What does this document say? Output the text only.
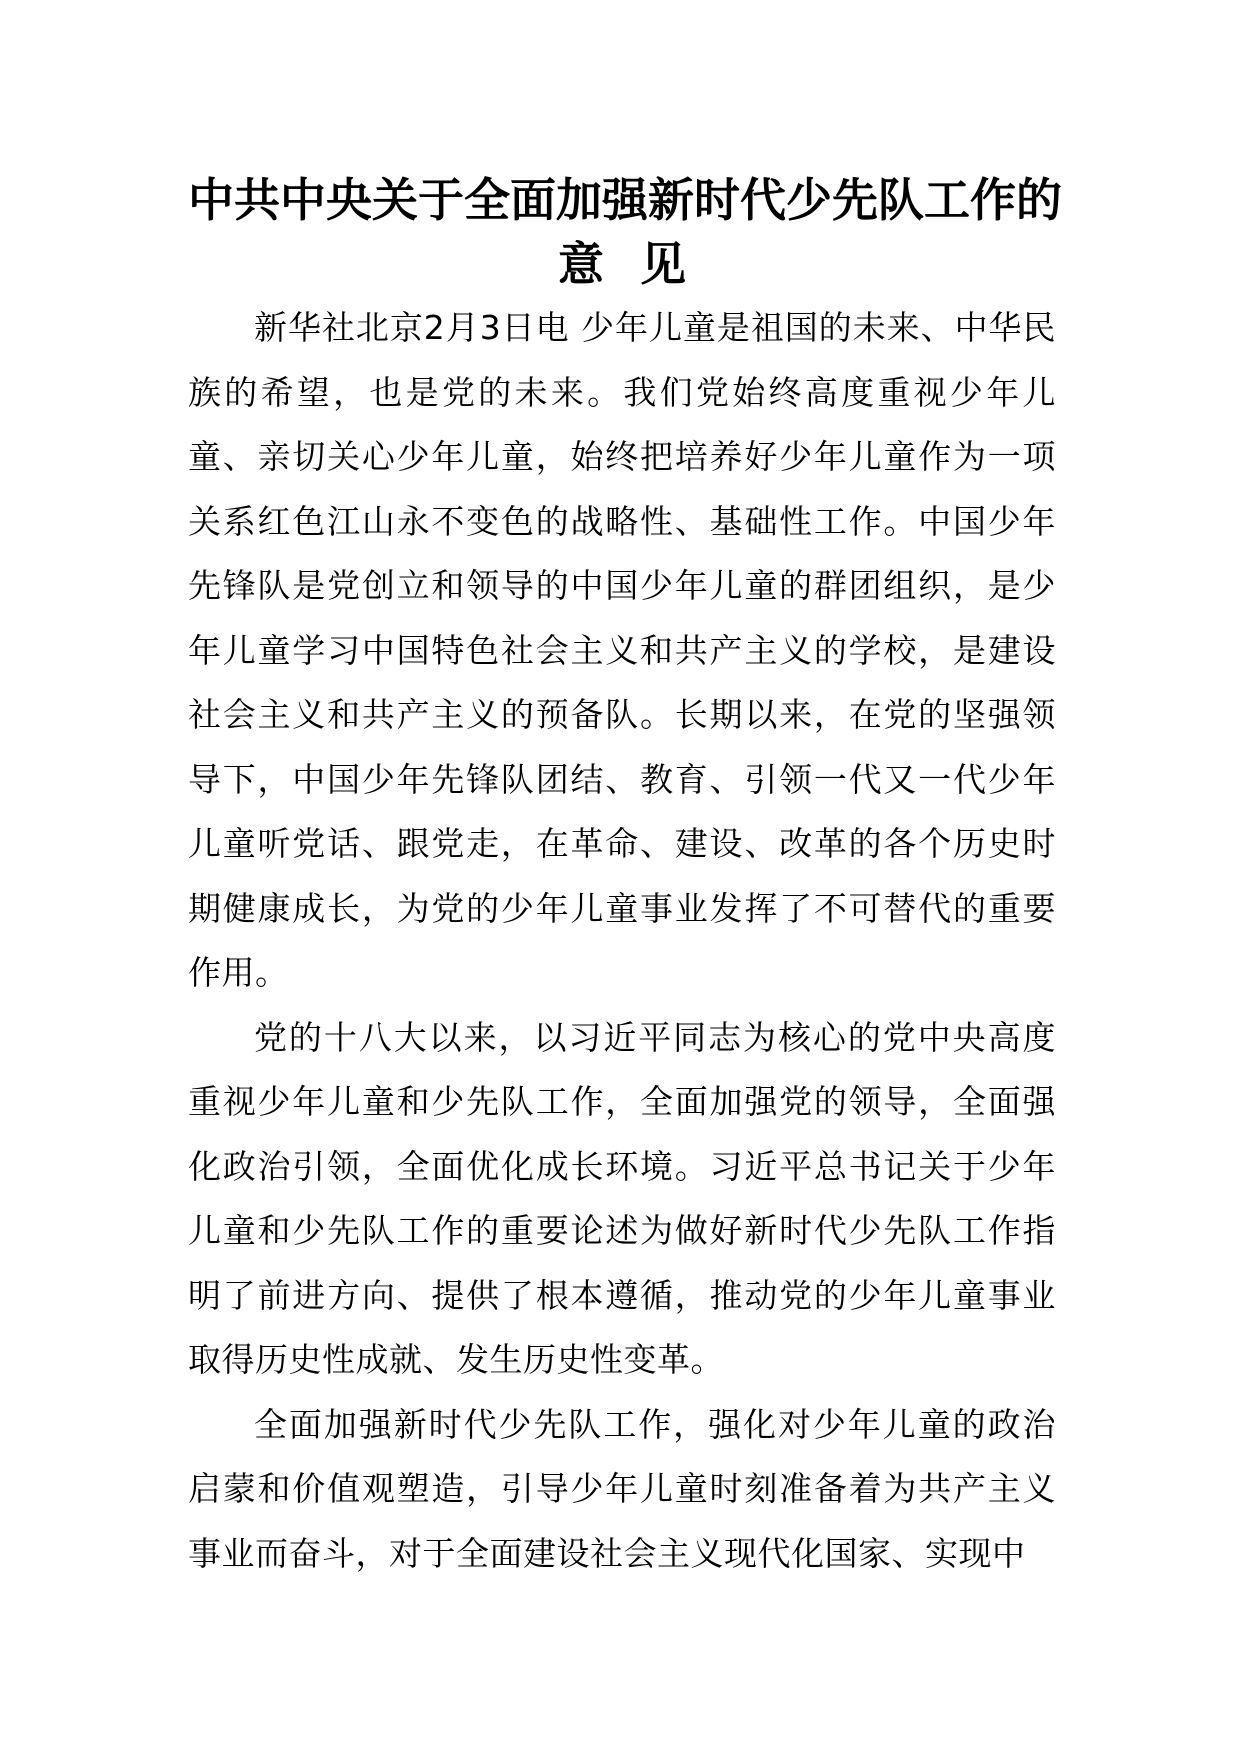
中共中央关于全面加强新时代少先队工作的
意见

新华社北京2月3日电 少年儿童是祖国的未来、中华民族的希望，也是党的未来。我们党始终高度重视少年儿童、亲切关心少年儿童，始终把培养好少年儿童作为一项关系红色江山永不变色的战略性、基础性工作。中国少年先锋队是党创立和领导的中国少年儿童的群团组织，是少年儿童学习中国特色社会主义和共产主义的学校，是建设社会主义和共产主义的预备队。长期以来，在党的坚强领导下，中国少年先锋队团结、教育、引领一代又一代少年儿童听党话、跟党走，在革命、建设、改革的各个历史时期健康成长，为党的少年儿童事业发挥了不可替代的重要作用。

党的十八大以来，以习近平同志为核心的党中央高度重视少年儿童和少先队工作，全面加强党的领导，全面强化政治引领，全面优化成长环境。习近平总书记关于少年儿童和少先队工作的重要论述为做好新时代少先队工作指明了前进方向、提供了根本遵循，推动党的少年儿童事业取得历史性成就、发生历史性变革。

全面加强新时代少先队工作，强化对少年儿童的政治启蒙和价值观塑造，引导少年儿童时刻准备着为共产主义事业而奋斗，对于全面建设社会主义现代化国家、实现中
